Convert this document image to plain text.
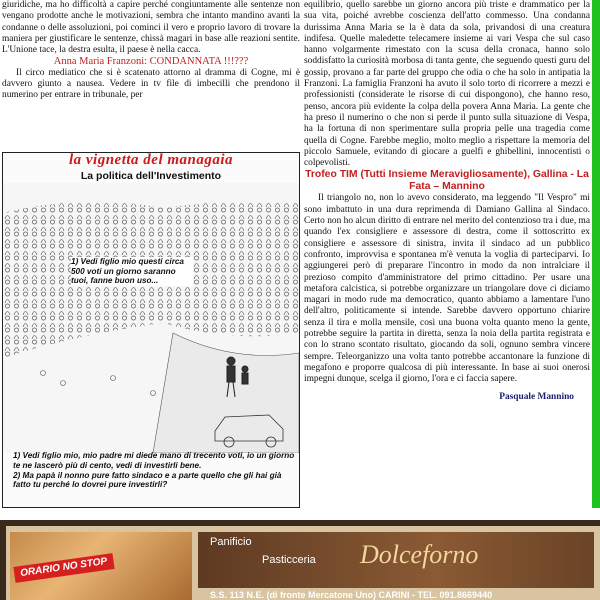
giuridiche, ma ho difficoltà a capire perché congiuntamente alle sentenze non vengano prodotte anche le motivazioni, sembra che intanto mandino avanti la condanne o delle assoluzioni, poi cominci il vero e proprio lavoro di trovare la maniera per giustificare le sentenze, chissà magari in base alle reazioni sentite. L'Unione tace, la destra esulta, il paese è nella cacca.

Anna Maria Franzoni: CONDANNATA !!!???

Il circo mediatico che si è scatenato attorno al dramma di Cogne, mi è davvero giunto a nausea. Vedere in tv file di imbecilli che prendono il numerino per entrare in tribunale, per

la vignetta del managaia
La politica dell'Investimento
1) Vedi figlio mio questi circa 500 voti un giorno saranno tuoi, fanne buon uso...
1) Vedi figlio mio, mio padre mi diede mano di trecento voti, io un giorno te ne lascerò più di cento, vedi di investirli bene.
2) Ma papà il nonno pure fatto sindaco e a parte quello che gli hai già fatto tu perché lo dovrei pure investirli?

equilibrio, quello sarebbe un giorno ancora più triste e drammatico per la sua vita, poiché avrebbe coscienza dell'atto commesso. Una condanna durissima Anna Maria se la è data da sola, privandosi di una creatura indifesa. Quelle maledette telecamere insieme ai vari Vespa che sul caso hanno volgarmente rimestato con la scusa della cronaca, hanno solo soddisfatto la curiosità morbosa di tanta gente, che seguendo questi guru del gossip, provano a far parte del gruppo che odia o che ha solo in antipatia la Franzoni. La famiglia Franzoni ha avuto il solo torto di ricorrere a mezzi e professionisti (considerate le risorse di cui dispongono), che hanno reso, penso, ancora più evidente la colpa della povera Anna Maria. La gente che ha preso il numerino o che non si perde il punto sulla situazione di Vespa, ha la fortuna di non sperimentare sulla propria pelle una tragedia come quella di Cogne. Farebbe meglio, molto meglio a rispettare la memoria del piccolo Samuele, evitando di giocare a guelfi e ghibellini, innocentisti o colpevolisti.

Trofeo TIM (Tutti Insieme Meravigliosamente), Gallina - La Fata – Mannino

Il triangolo no, non lo avevo considerato, ma leggendo "Il Vespro" mi sono imbattuto in una dura reprimenda di Damiano Gallina al Sindaco. Certo non ho alcun diritto di entrare nel merito del contenzioso tra i due, ma quando l'ex consigliere e assessore di destra, come il sottoscritto ex consigliere e assessore di sinistra, invita il sindaco ad un pubblico confronto, improvvisa e spontanea m'è venuta la voglia di parteciparvi. Io aggiungerei però di preparare l'incontro in modo da non intralciare il prezioso compito d'amministratore del primo cittadino. Per usare una metafora calcistica, si potrebbe organizzare un triangolare dove ci diciamo magari in modo rude ma democratico, quanto abbiamo a lamentare l'uno dell'altro, politicamente si intende. Sarebbe davvero opportuno chiarire senza il tira e molla mensile, così una buona volta quanto meno la gente, potrebbe seguire la partita in diretta, senza la noia della partita registrata e con lo strano scontato risultato, giocando da soli, ognuno sembra vincere sempre. Teleorganizzo una volta tanto potrebbe accantonare la funzione di megafono e proporre qualcosa di più interessante. In base ai suoi onerosi impegni dunque, scelga il giorno, l'ora e ci faccia sapere.

Pasquale Mannino

ORARIO NO STOP
Panificio
Pasticceria Dolceforno
S.S. 113 N.E. (di fronte Mercatone Uno) CARINI - TEL. 091.8669440
